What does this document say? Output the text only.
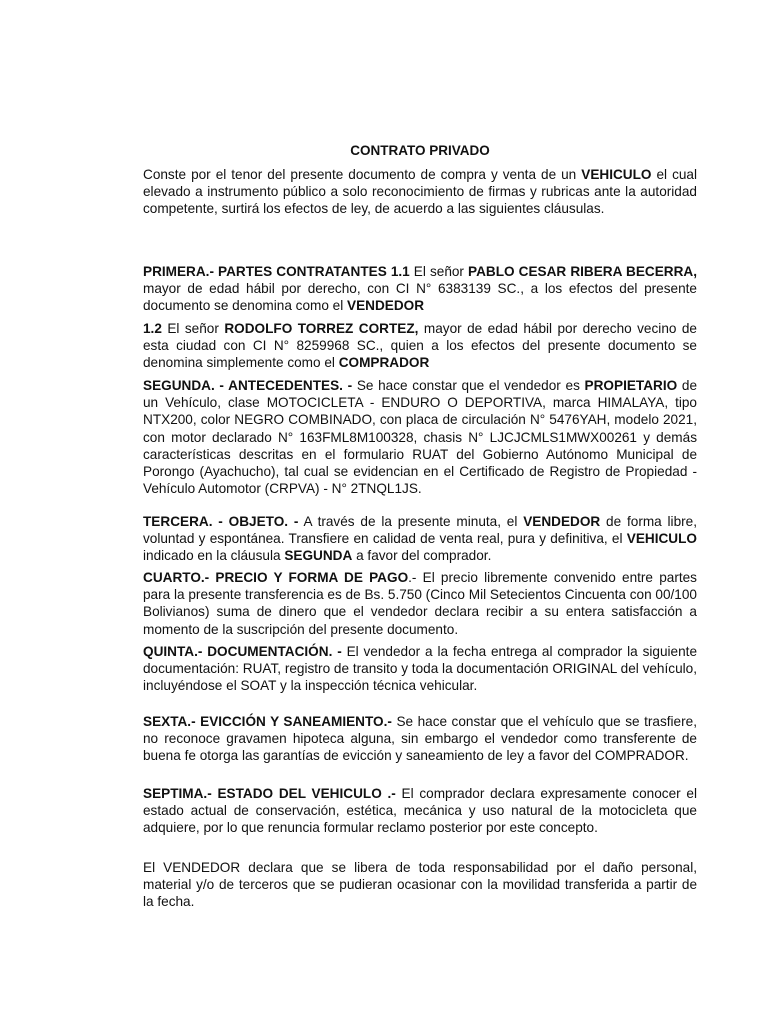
CONTRATO PRIVADO

Conste por el tenor del presente documento de compra y venta de un VEHICULO el cual elevado a instrumento público a solo reconocimiento de firmas y rubricas ante la autoridad competente, surtirá los efectos de ley, de acuerdo a las siguientes cláusulas.

PRIMERA.- PARTES CONTRATANTES 1.1 El señor PABLO CESAR RIBERA BECERRA, mayor de edad hábil por derecho, con CI N° 6383139 SC., a los efectos del presente documento se denomina como el VENDEDOR

1.2 El señor RODOLFO TORREZ CORTEZ, mayor de edad hábil por derecho vecino de esta ciudad con CI N° 8259968 SC., quien a los efectos del presente documento se denomina simplemente como el COMPRADOR

SEGUNDA. - ANTECEDENTES. - Se hace constar que el vendedor es PROPIETARIO de un Vehículo, clase MOTOCICLETA - ENDURO O DEPORTIVA, marca HIMALAYA, tipo NTX200, color NEGRO COMBINADO, con placa de circulación N° 5476YAH, modelo 2021, con motor declarado N° 163FML8M100328, chasis N° LJCJCMLS1MWX00261 y demás características descritas en el formulario RUAT del Gobierno Autónomo Municipal de Porongo (Ayachucho), tal cual se evidencian en el Certificado de Registro de Propiedad - Vehículo Automotor (CRPVA) - N° 2TNQL1JS.

TERCERA. - OBJETO. - A través de la presente minuta, el VENDEDOR de forma libre, voluntad y espontánea. Transfiere en calidad de venta real, pura y definitiva, el VEHICULO indicado en la cláusula SEGUNDA a favor del comprador.

CUARTO.- PRECIO Y FORMA DE PAGO.- El precio libremente convenido entre partes para la presente transferencia es de Bs. 5.750 (Cinco Mil Setecientos Cincuenta con 00/100 Bolivianos) suma de dinero que el vendedor declara recibir a su entera satisfacción a momento de la suscripción del presente documento.

QUINTA.- DOCUMENTACIÓN. - El vendedor a la fecha entrega al comprador la siguiente documentación: RUAT, registro de transito y toda la documentación ORIGINAL del vehículo, incluyéndose el SOAT y la inspección técnica vehicular.

SEXTA.- EVICCIÓN Y SANEAMIENTO.- Se hace constar que el vehículo que se trasfiere, no reconoce gravamen hipoteca alguna, sin embargo el vendedor como transferente de buena fe otorga las garantías de evicción y saneamiento de ley a favor del COMPRADOR.

SEPTIMA.- ESTADO DEL VEHICULO .- El comprador declara expresamente conocer el estado actual de conservación, estética, mecánica y uso natural de la motocicleta que adquiere, por lo que renuncia formular reclamo posterior por este concepto.

El VENDEDOR declara que se libera de toda responsabilidad por el daño personal, material y/o de terceros que se pudieran ocasionar con la movilidad transferida a partir de la fecha.
